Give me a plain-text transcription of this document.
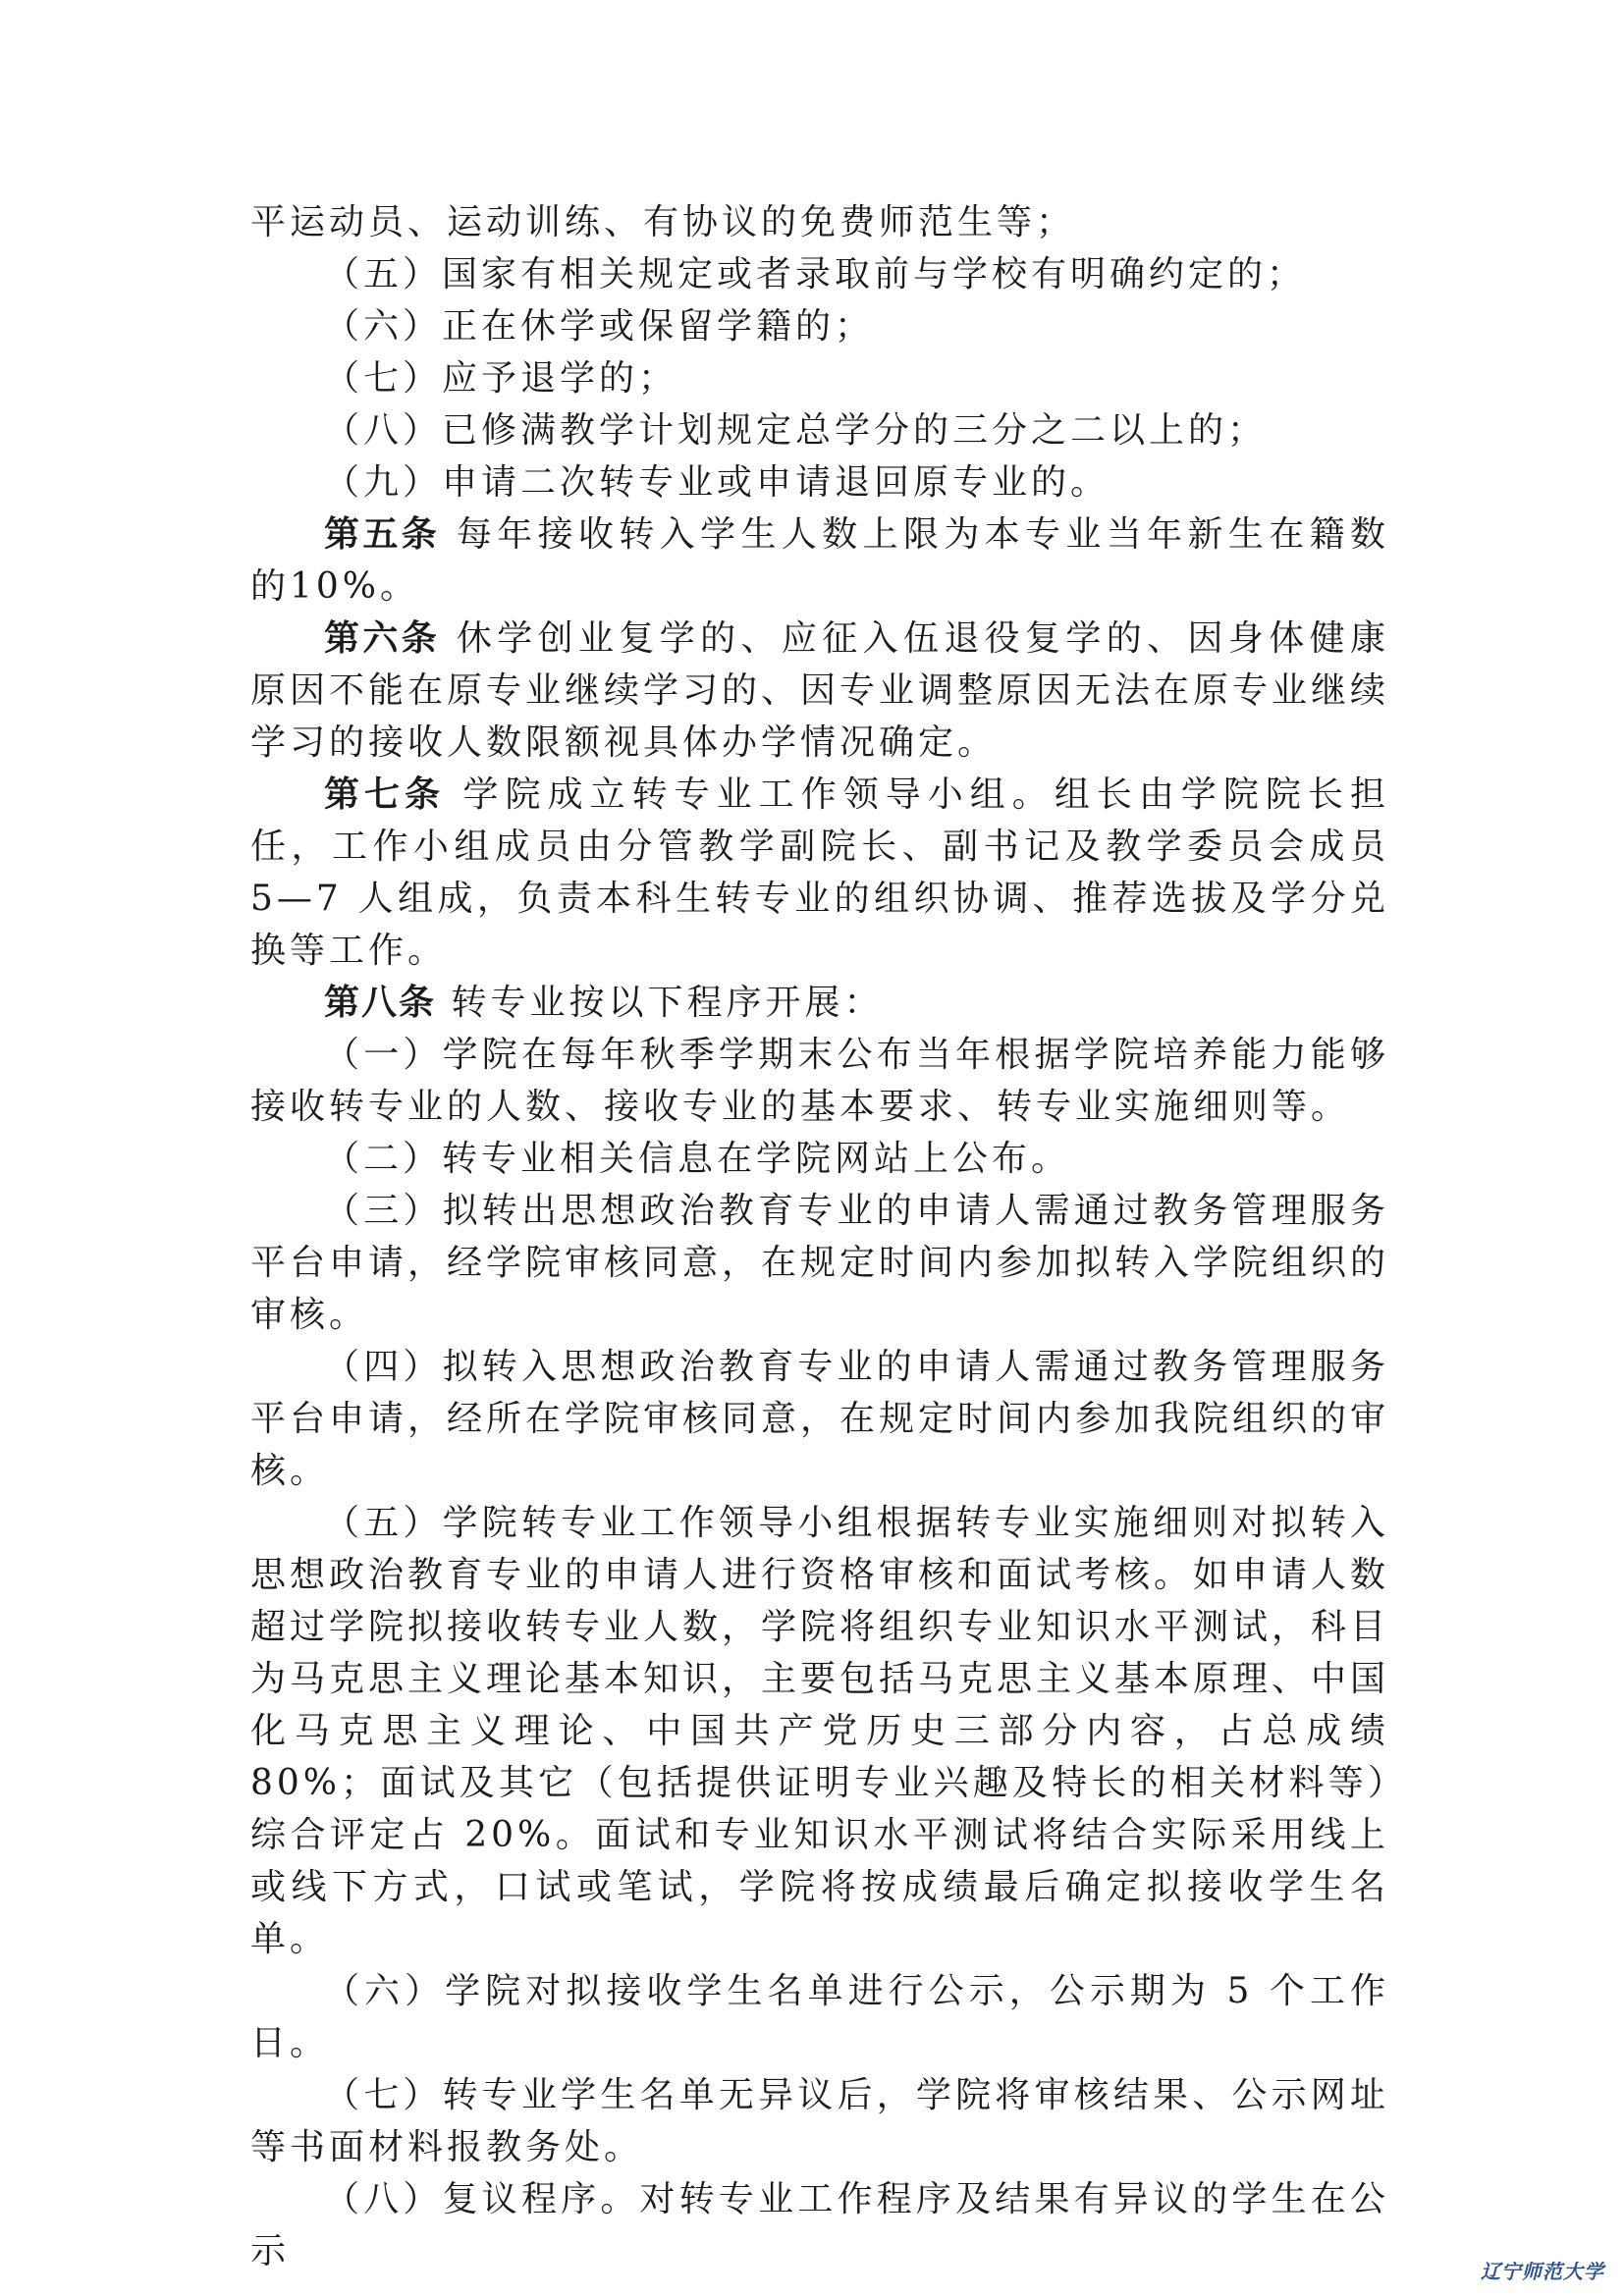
平运动员、运动训练、有协议的免费师范生等；

（五）国家有相关规定或者录取前与学校有明确约定的；

（六）正在休学或保留学籍的；

（七）应予退学的；

（八）已修满教学计划规定总学分的三分之二以上的；

（九）申请二次转专业或申请退回原专业的。

第五条 每年接收转入学生人数上限为本专业当年新生在籍数的10%。

第六条 休学创业复学的、应征入伍退役复学的、因身体健康原因不能在原专业继续学习的、因专业调整原因无法在原专业继续学习的接收人数限额视具体办学情况确定。

第七条 学院成立转专业工作领导小组。组长由学院院长担任，工作小组成员由分管教学副院长、副书记及教学委员会成员 5—7 人组成，负责本科生转专业的组织协调、推荐选拔及学分兑换等工作。

第八条 转专业按以下程序开展：

（一）学院在每年秋季学期末公布当年根据学院培养能力能够接收转专业的人数、接收专业的基本要求、转专业实施细则等。

（二）转专业相关信息在学院网站上公布。

（三）拟转出思想政治教育专业的申请人需通过教务管理服务平台申请，经学院审核同意，在规定时间内参加拟转入学院组织的审核。

（四）拟转入思想政治教育专业的申请人需通过教务管理服务平台申请，经所在学院审核同意，在规定时间内参加我院组织的审核。

（五）学院转专业工作领导小组根据转专业实施细则对拟转入思想政治教育专业的申请人进行资格审核和面试考核。如申请人数超过学院拟接收转专业人数，学院将组织专业知识水平测试，科目为马克思主义理论基本知识，主要包括马克思主义基本原理、中国化马克思主义理论、中国共产党历史三部分内容，占总成绩 80%；面试及其它（包括提供证明专业兴趣及特长的相关材料等）综合评定占 20%。面试和专业知识水平测试将结合实际采用线上或线下方式，口试或笔试，学院将按成绩最后确定拟接收学生名单。

（六）学院对拟接收学生名单进行公示，公示期为 5 个工作日。

（七）转专业学生名单无异议后，学院将审核结果、公示网址等书面材料报教务处。

（八）复议程序。对转专业工作程序及结果有异议的学生在公示	辽宁师范大学
